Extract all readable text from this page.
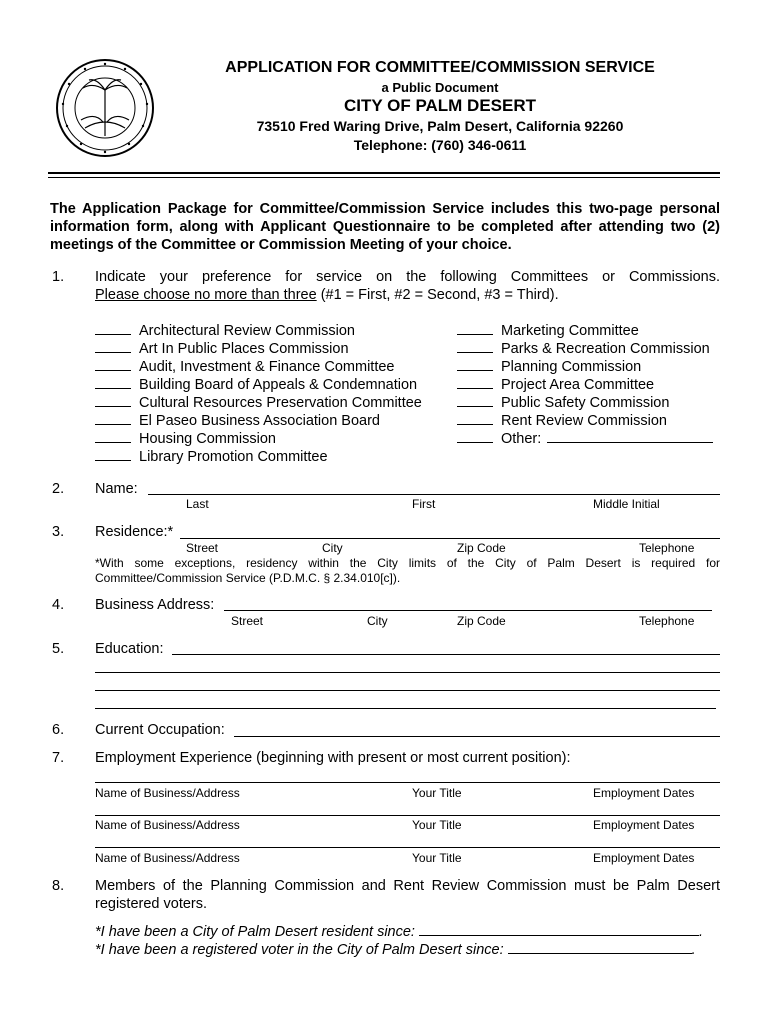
APPLICATION FOR COMMITTEE/COMMISSION SERVICE
a Public Document
CITY OF PALM DESERT
73510 Fred Waring Drive, Palm Desert, California 92260
Telephone: (760) 346-0611
The Application Package for Committee/Commission Service includes this two-page personal information form, along with Applicant Questionnaire to be completed after attending two (2) meetings of the Committee or Commission Meeting of your choice.
1. Indicate your preference for service on the following Committees or Commissions.
Please choose no more than three (#1 = First, #2 = Second, #3 = Third).
Architectural Review Commission
Art In Public Places Commission
Audit, Investment & Finance Committee
Building Board of Appeals & Condemnation
Cultural Resources Preservation Committee
El Paseo Business Association Board
Housing Commission
Library Promotion Committee
Marketing Committee
Parks & Recreation Commission
Planning Commission
Project Area Committee
Public Safety Commission
Rent Review Commission
Other:
2. Name:
Last	First	Middle Initial
3. Residence:*
Street	City	Zip Code	Telephone
*With some exceptions, residency within the City limits of the City of Palm Desert is required for
Committee/Commission Service (P.D.M.C. § 2.34.010[c]).
4. Business Address:
Street	City	Zip Code	Telephone
5. Education:
6. Current Occupation:
7. Employment Experience (beginning with present or most current position):
Name of Business/Address	Your Title	Employment Dates
Name of Business/Address	Your Title	Employment Dates
Name of Business/Address	Your Title	Employment Dates
8. Members of the Planning Commission and Rent Review Commission must be Palm Desert
registered voters.
*I have been a City of Palm Desert resident since:	.
*I have been a registered voter in the City of Palm Desert since:	.
